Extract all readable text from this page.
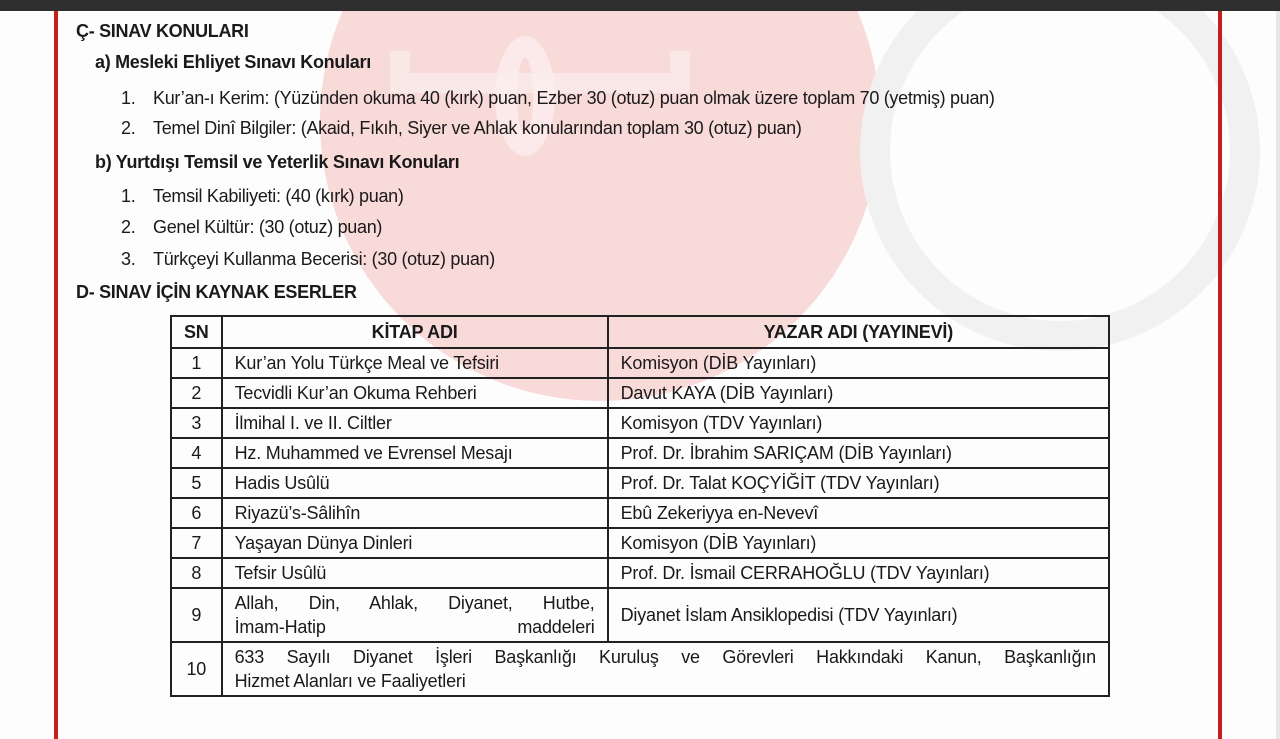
Ç- SINAV KONULARI
a) Mesleki Ehliyet Sınavı Konuları
1. Kur’an-ı Kerim: (Yüzünden okuma 40 (kırk) puan, Ezber 30 (otuz) puan olmak üzere toplam 70 (yetmiş) puan)
2. Temel Dinî Bilgiler: (Akaid, Fıkıh, Siyer ve Ahlak konularından toplam 30 (otuz) puan)
b) Yurtdışı Temsil ve Yeterlik Sınavı Konuları
1. Temsil Kabiliyeti: (40 (kırk) puan)
2. Genel Kültür: (30 (otuz) puan)
3. Türkçeyi Kullanma Becerisi: (30 (otuz) puan)
D- SINAV İÇİN KAYNAK ESERLER
SN	KİTAP ADI	YAZAR ADI (YAYINEVİ)
1	Kur’an Yolu Türkçe Meal ve Tefsiri	Komisyon (DİB Yayınları)
2	Tecvidli Kur’an Okuma Rehberi	Davut KAYA (DİB Yayınları)
3	İlmihal I. ve II. Ciltler	Komisyon (TDV Yayınları)
4	Hz. Muhammed ve Evrensel Mesajı	Prof. Dr. İbrahim SARIÇAM (DİB Yayınları)
5	Hadis Usûlü	Prof. Dr. Talat KOÇYİĞİT (TDV Yayınları)
6	Riyazü’s-Sâlihîn	Ebû Zekeriyya en-Nevevî
7	Yaşayan Dünya Dinleri	Komisyon (DİB Yayınları)
8	Tefsir Usûlü	Prof. Dr. İsmail CERRAHOĞLU (TDV Yayınları)
9	Allah, Din, Ahlak, Diyanet, Hutbe,
İmam-Hatip maddeleri	Diyanet İslam Ansiklopedisi (TDV Yayınları)
10	633 Sayılı Diyanet İşleri Başkanlığı Kuruluş ve Görevleri Hakkındaki Kanun, Başkanlığın
Hizmet Alanları ve Faaliyetleri	
